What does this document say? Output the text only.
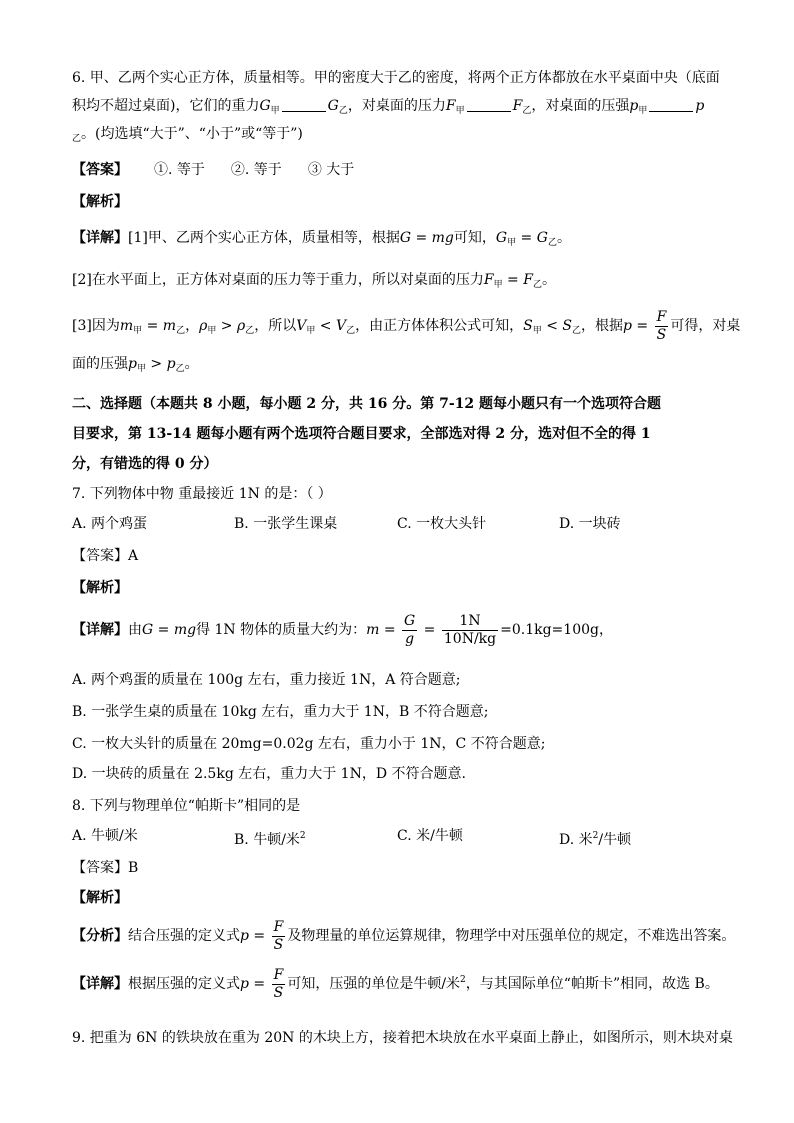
6. 甲、乙两个实心正方体，质量相等。甲的密度大于乙的密度，将两个正方体都放在水平桌面中央（底面
积均不超过桌面)，它们的重力$G_甲$	$G_乙$，对桌面的压力$F_甲$	$F_乙$，对桌面的压强$p_甲$	p
$_乙$。(均选填“大于”、“小于”或“等于”)
【答案】 ①. 等于 ②. 等于 ③ 大于
【解析】
【详解】[1]甲、乙两个实心正方体，质量相等，根据G = mg可知，$G_甲 = G_乙$。
[2]在水平面上，正方体对桌面的压力等于重力，所以对桌面的压力$F_甲 = F_乙$。
[3]因为$m_甲 = m_乙$，$\rho_甲 > \rho_乙$，所以$V_甲 < V_乙$，由正方体体积公式可知，$S_甲 < S_乙$，根据$p = \frac{F}{S}$ 可得，对桌
面的压强$p_甲 > p_乙$。
二、选择题（本题共 8 小题，每小题 2 分，共 16 分。第 7-12 题每小题只有一个选项符合题
目要求，第 13-14 题每小题有两个选项符合题目要求，全部选对得 2 分，选对但不全的得 1
分，有错选的得 0 分）
7. 下列物体中物 重最接近 1N 的是：（ ）
A. 两个鸡蛋	B. 一张学生课桌	C. 一枚大头针	D. 一块砖
【答案】A
【解析】
【详解】由G = mg得 1N 物体的质量大约为：$m = \frac{G}{g} = \frac{1N}{10N/kg} =0.1kg=100g$，
A. 两个鸡蛋的质量在 100g 左右，重力接近 1N，A 符合题意;
B. 一张学生桌的质量在 10kg 左右，重力大于 1N，B 不符合题意;
C. 一枚大头针的质量在 20mg=0.02g 左右，重力小于 1N，C 不符合题意;
D. 一块砖的质量在 2.5kg 左右，重力大于 1N，D 不符合题意.
8. 下列与物理单位“帕斯卡”相同的是
A. 牛顿/米	B. 牛顿/米$^2$	C. 米/牛顿	D. 米$^2$/牛顿
【答案】B
【解析】
【分析】结合压强的定义式$p = \frac{F}{S}$ 及物理量的单位运算规律，物理学中对压强单位的规定，不难选出答案。
【详解】根据压强的定义式$p = \frac{F}{S}$ 可知，压强的单位是牛顿/米$^2$，与其国际单位“帕斯卡”相同，故选 B。
9. 把重为 6N 的铁块放在重为 20N 的木块上方，接着把木块放在水平桌面上静止，如图所示，则木块对桌
